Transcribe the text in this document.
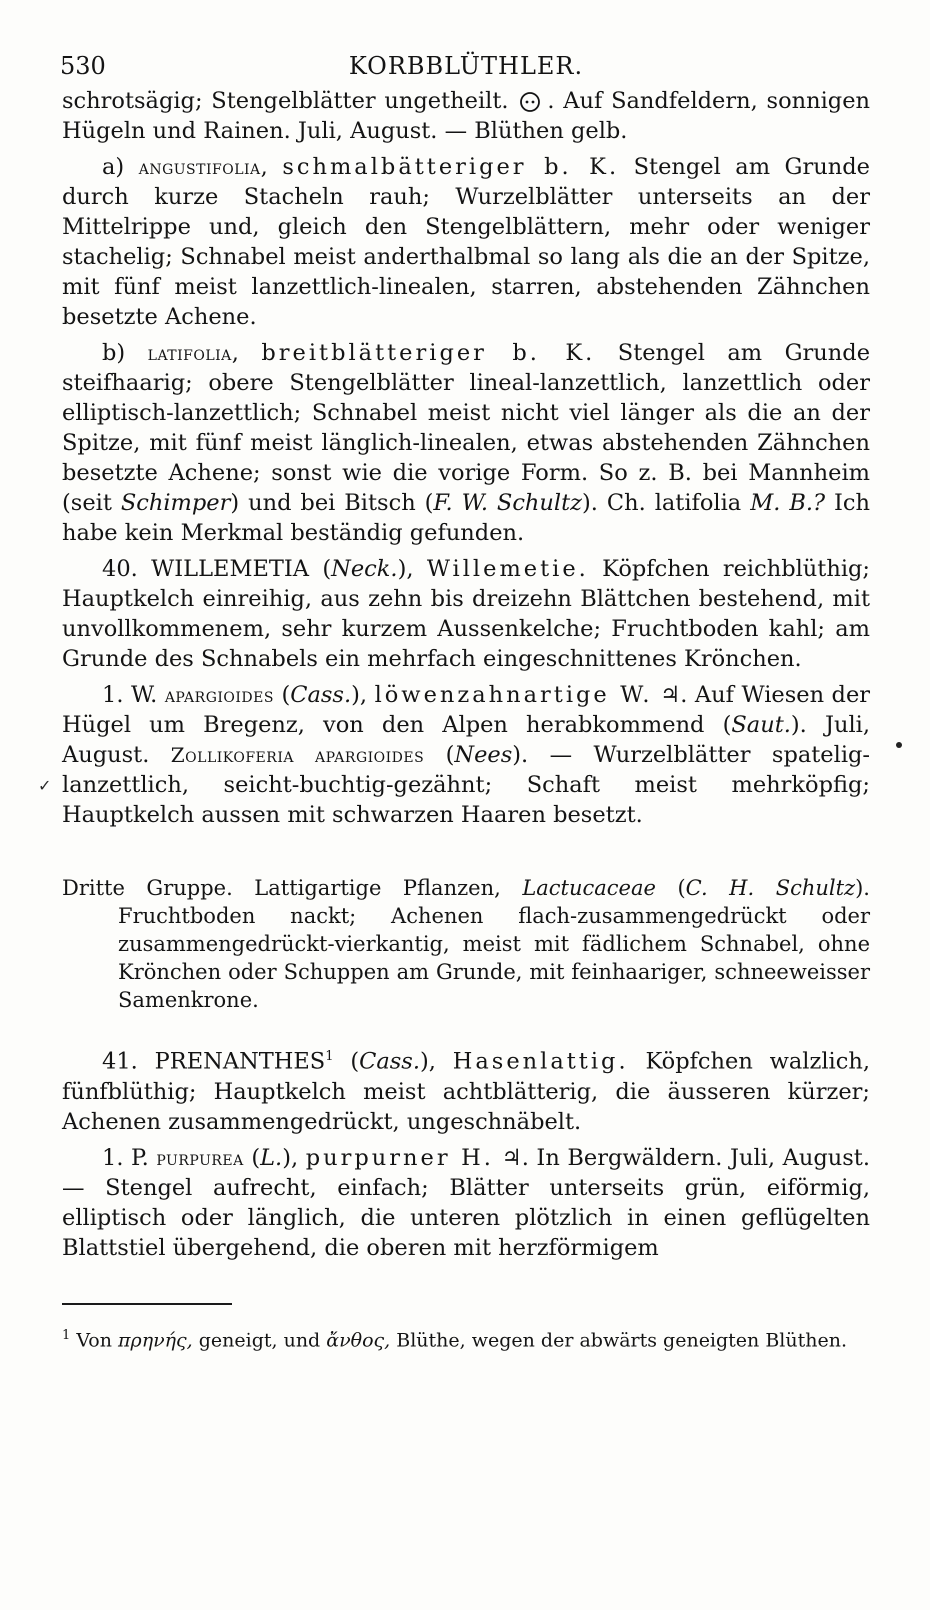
530	KORBBLÜTHLER.

schrotsägig; Stengelblätter ungetheilt. . Auf Sandfeldern, sonnigen Hügeln und Rainen. Juli, August. — Blüthen gelb.

a) angustifolia, schmalbätteriger b. K. Stengel am Grunde durch kurze Stacheln rauh; Wurzelblätter unterseits an der Mittelrippe und, gleich den Stengelblättern, mehr oder weniger stachelig; Schnabel meist anderthalbmal so lang als die an der Spitze, mit fünf meist lanzettlich-linealen, starren, abstehenden Zähnchen besetzte Achene.

b) latifolia, breitblätteriger b. K. Stengel am Grunde steifhaarig; obere Stengelblätter lineal-lanzettlich, lanzettlich oder elliptisch-lanzettlich; Schnabel meist nicht viel länger als die an der Spitze, mit fünf meist länglich-linealen, etwas abstehenden Zähnchen besetzte Achene; sonst wie die vorige Form. So z. B. bei Mannheim (seit Schimper) und bei Bitsch (F. W. Schultz). Ch. latifolia M. B.? Ich habe kein Merkmal beständig gefunden.

40. WILLEMETIA (Neck.), Willemetie. Köpfchen reichblüthig; Hauptkelch einreihig, aus zehn bis dreizehn Blättchen bestehend, mit unvollkommenem, sehr kurzem Aussenkelche; Fruchtboden kahl; am Grunde des Schnabels ein mehrfach eingeschnittenes Krönchen.

1. W. apargioides (Cass.), löwenzahnartige W. ♃. Auf Wiesen der Hügel um Bregenz, von den Alpen herabkommend (Saut.). Juli, August. Zollikoferia apargioides (Nees). — Wurzelblätter spatelig-lanzettlich, seicht-buchtig-gezähnt; Schaft meist mehrköpfig; Hauptkelch aussen mit schwarzen Haaren besetzt.

Dritte Gruppe. Lattigartige Pflanzen, Lactucaceae (C. H. Schultz). Fruchtboden nackt; Achenen flach-zusammengedrückt oder zusammengedrückt-vierkantig, meist mit fädlichem Schnabel, ohne Krönchen oder Schuppen am Grunde, mit feinhaariger, schneeweisser Samenkrone.

41. PRENANTHES$^1$ (Cass.), Hasenlattig. Köpfchen walzlich, fünfblüthig; Hauptkelch meist achtblätterig, die äusseren kürzer; Achenen zusammengedrückt, ungeschnäbelt.

1. P. purpurea (L.), purpurner H. ♃. In Bergwäldern. Juli, August. — Stengel aufrecht, einfach; Blätter unterseits grün, eiförmig, elliptisch oder länglich, die unteren plötzlich in einen geflügelten Blattstiel übergehend, die oberen mit herzförmigem

$^1$ Von πρηνής, geneigt, und ἄνθος, Blüthe, wegen der abwärts geneigten Blüthen.

✓
